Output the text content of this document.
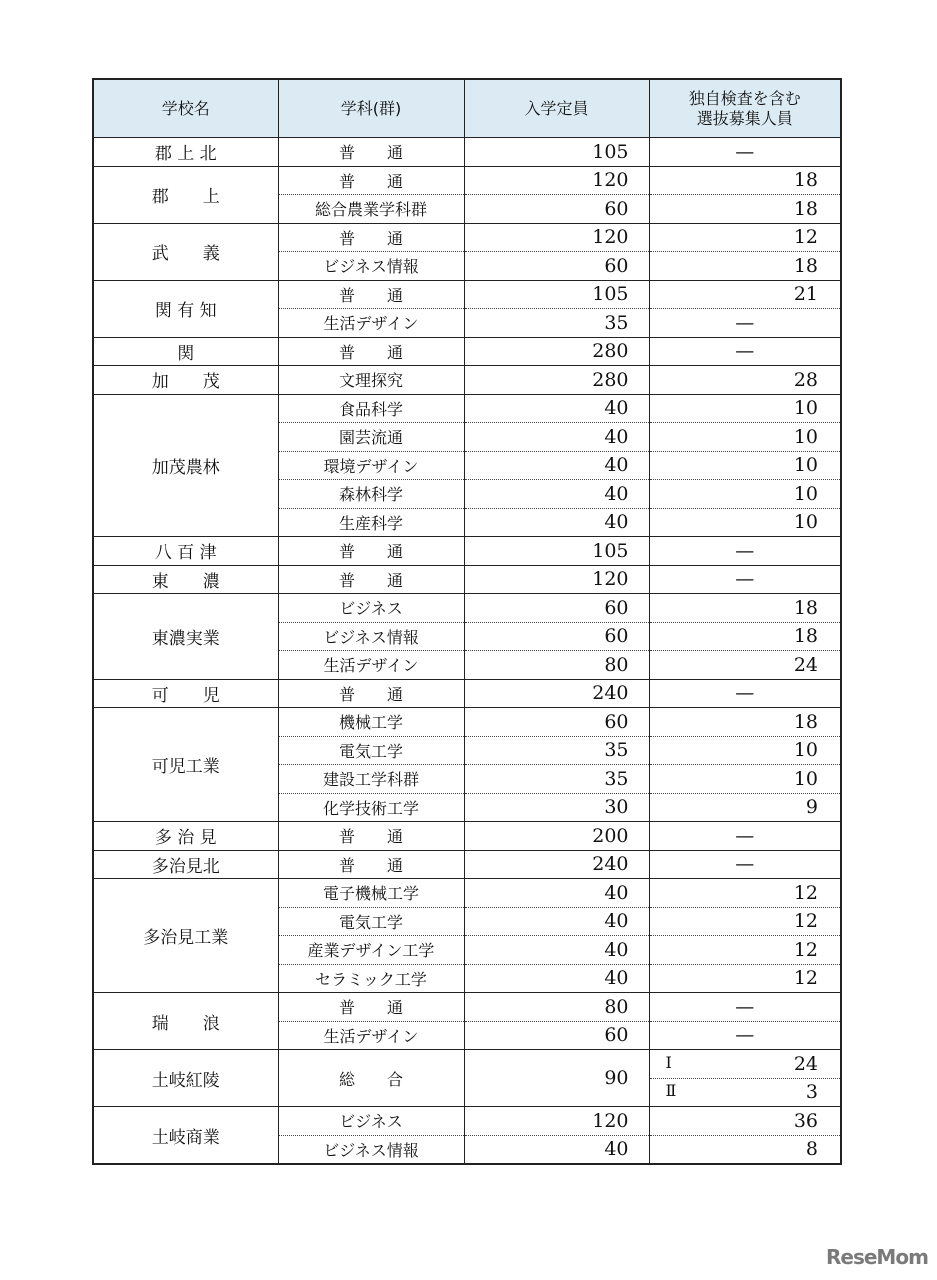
学校名	学科(群)	入学定員	独自検査を含む
選抜募集人員
郡 上 北	普　　通	105	—
郡　　上	普　　通	120	18
	総合農業学科群	60	18
武　　義	普　　通	120	12
	ビジネス情報	60	18
関 有 知	普　　通	105	21
	生活デザイン	35	—
関	普　　通	280	—
加　　茂	文理探究	280	28
加茂農林	食品科学	40	10
	園芸流通	40	10
	環境デザイン	40	10
	森林科学	40	10
	生産科学	40	10
八 百 津	普　　通	105	—
東　　濃	普　　通	120	—
東濃実業	ビジネス	60	18
	ビジネス情報	60	18
	生活デザイン	80	24
可　　児	普　　通	240	—
可児工業	機械工学	60	18
	電気工学	35	10
	建設工学科群	35	10
	化学技術工学	30	9
多 治 見	普　　通	200	—
多治見北	普　　通	240	—
多治見工業	電子機械工学	40	12
	電気工学	40	12
	産業デザイン工学	40	12
	セラミック工学	40	12
瑞　　浪	普　　通	80	—
	生活デザイン	60	—
土岐紅陵	総　　合	90	Ⅰ 24

			Ⅱ 3
土岐商業	ビジネス	120	36
	ビジネス情報	40	8
ReseMom
